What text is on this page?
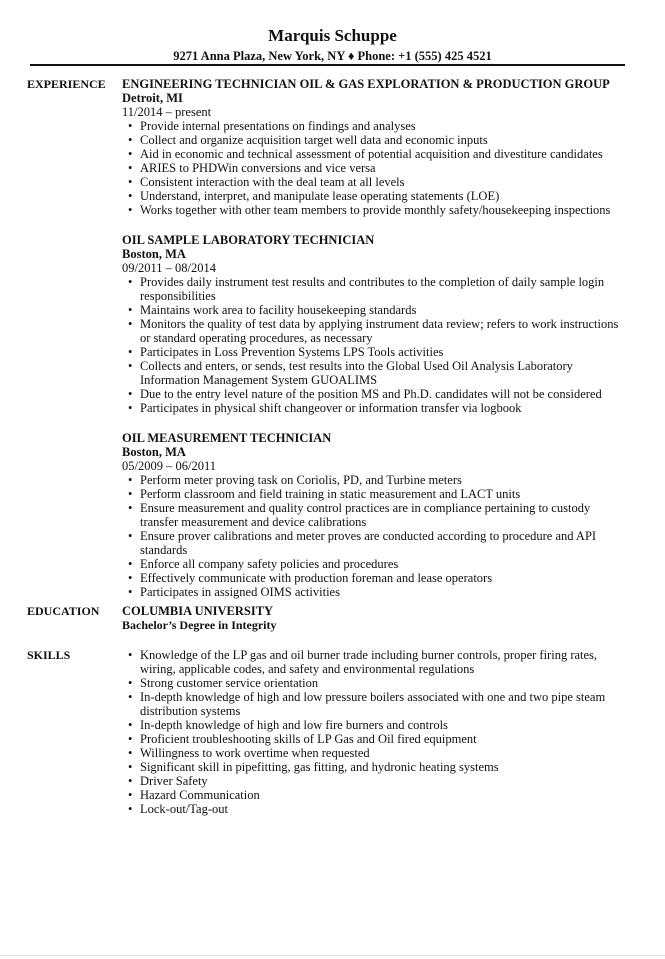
Marquis Schuppe
9271 Anna Plaza, New York, NY ♦ Phone: +1 (555) 425 4521
EXPERIENCE ENGINEERING TECHNICIAN OIL & GAS EXPLORATION & PRODUCTION GROUP
Detroit, MI
11/2014 – present
• Provide internal presentations on findings and analyses
• Collect and organize acquisition target well data and economic inputs
• Aid in economic and technical assessment of potential acquisition and divestiture candidates
• ARIES to PHDWin conversions and vice versa
• Consistent interaction with the deal team at all levels
• Understand, interpret, and manipulate lease operating statements (LOE)
• Works together with other team members to provide monthly safety/housekeeping inspections
OIL SAMPLE LABORATORY TECHNICIAN
Boston, MA
09/2011 – 08/2014
• Provides daily instrument test results and contributes to the completion of daily sample login responsibilities
• Maintains work area to facility housekeeping standards
• Monitors the quality of test data by applying instrument data review; refers to work instructions or standard operating procedures, as necessary
• Participates in Loss Prevention Systems LPS Tools activities
• Collects and enters, or sends, test results into the Global Used Oil Analysis Laboratory Information Management System GUOALIMS
• Due to the entry level nature of the position MS and Ph.D. candidates will not be considered
• Participates in physical shift changeover or information transfer via logbook
OIL MEASUREMENT TECHNICIAN
Boston, MA
05/2009 – 06/2011
• Perform meter proving task on Coriolis, PD, and Turbine meters
• Perform classroom and field training in static measurement and LACT units
• Ensure measurement and quality control practices are in compliance pertaining to custody transfer measurement and device calibrations
• Ensure prover calibrations and meter proves are conducted according to procedure and API standards
• Enforce all company safety policies and procedures
• Effectively communicate with production foreman and lease operators
• Participates in assigned OIMS activities
EDUCATION COLUMBIA UNIVERSITY
Bachelor’s Degree in Integrity
SKILLS	• Knowledge of the LP gas and oil burner trade including burner controls, proper firing rates, wiring, applicable codes, and safety and environmental regulations
• Strong customer service orientation
• In-depth knowledge of high and low pressure boilers associated with one and two pipe steam distribution systems
• In-depth knowledge of high and low fire burners and controls
• Proficient troubleshooting skills of LP Gas and Oil fired equipment
• Willingness to work overtime when requested
• Significant skill in pipefitting, gas fitting, and hydronic heating systems
• Driver Safety
• Hazard Communication
• Lock-out/Tag-out
